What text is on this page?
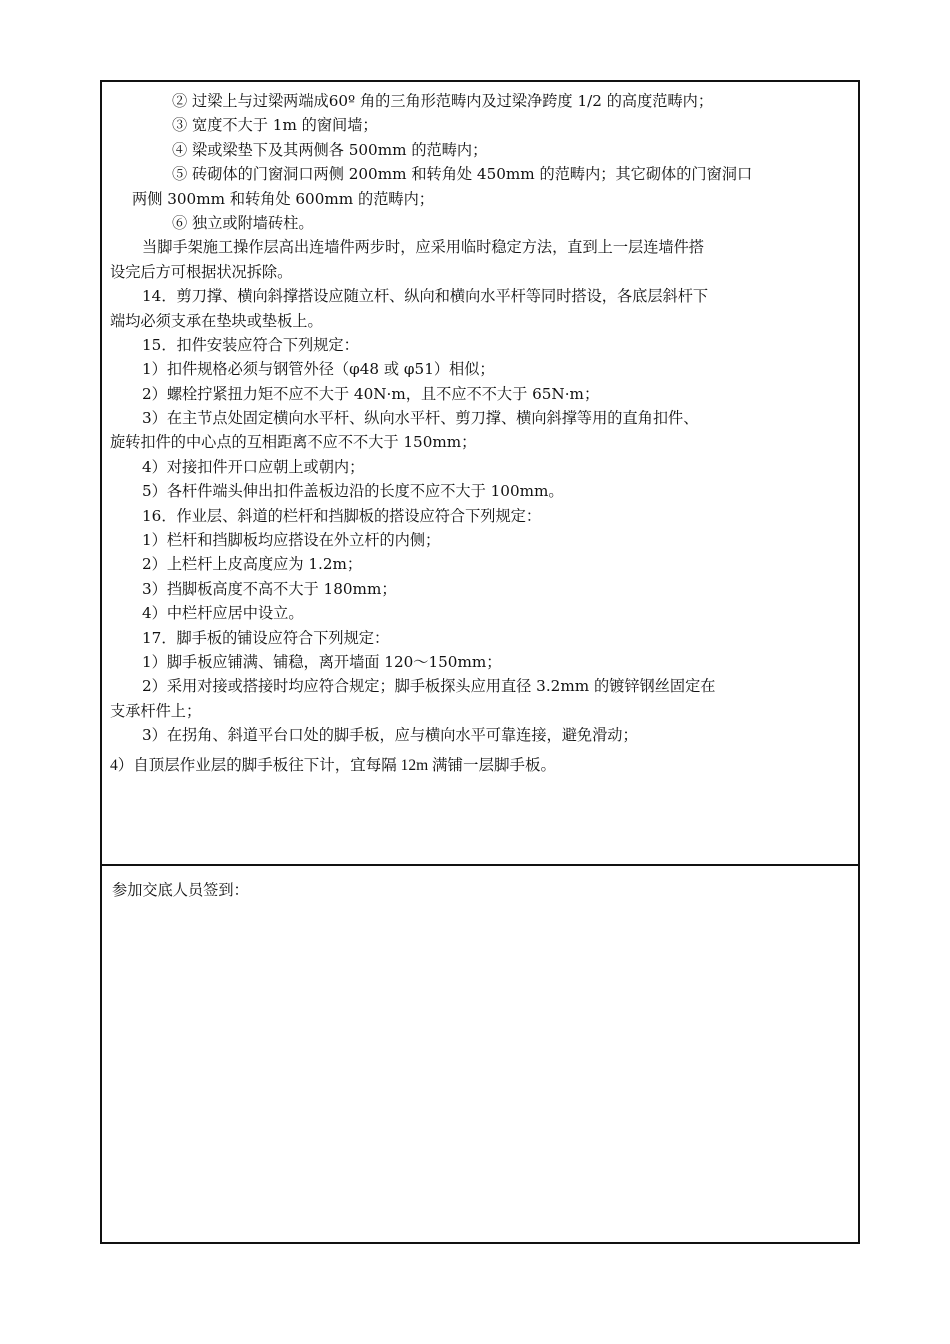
② 过梁上与过梁两端成60º 角的三角形范畴内及过梁净跨度 1/2 的高度范畴内；
③ 宽度不大于 1m 的窗间墙；
④ 梁或梁垫下及其两侧各 500mm 的范畴内；
⑤ 砖砌体的门窗洞口两侧 200mm 和转角处 450mm 的范畴内；其它砌体的门窗洞口
两侧 300mm 和转角处 600mm 的范畴内；
⑥ 独立或附墙砖柱。
当脚手架施工操作层高出连墙件两步时，应采用临时稳定方法，直到上一层连墙件搭
设完后方可根据状况拆除。
14．剪刀撑、横向斜撑搭设应随立杆、纵向和横向水平杆等同时搭设，各底层斜杆下
端均必须支承在垫块或垫板上。
15．扣件安装应符合下列规定：
1）扣件规格必须与钢管外径（φ48 或 φ51）相似；
2）螺栓拧紧扭力矩不应不大于 40N·m，且不应不不大于 65N·m；
3）在主节点处固定横向水平杆、纵向水平杆、剪刀撑、横向斜撑等用的直角扣件、
旋转扣件的中心点的互相距离不应不不大于 150mm；
4）对接扣件开口应朝上或朝内；
5）各杆件端头伸出扣件盖板边沿的长度不应不大于 100mm。
16．作业层、斜道的栏杆和挡脚板的搭设应符合下列规定：
1）栏杆和挡脚板均应搭设在外立杆的内侧；
2）上栏杆上皮高度应为 1.2m；
3）挡脚板高度不高不大于 180mm；
4）中栏杆应居中设立。
17．脚手板的铺设应符合下列规定：
1）脚手板应铺满、铺稳，离开墙面 120～150mm；
2）采用对接或搭接时均应符合规定；脚手板探头应用直径 3.2mm 的镀锌钢丝固定在
支承杆件上；
3）在拐角、斜道平台口处的脚手板，应与横向水平可靠连接，避免滑动；
4）自顶层作业层的脚手板往下计，宜每隔 12m 满铺一层脚手板。
参加交底人员签到：
